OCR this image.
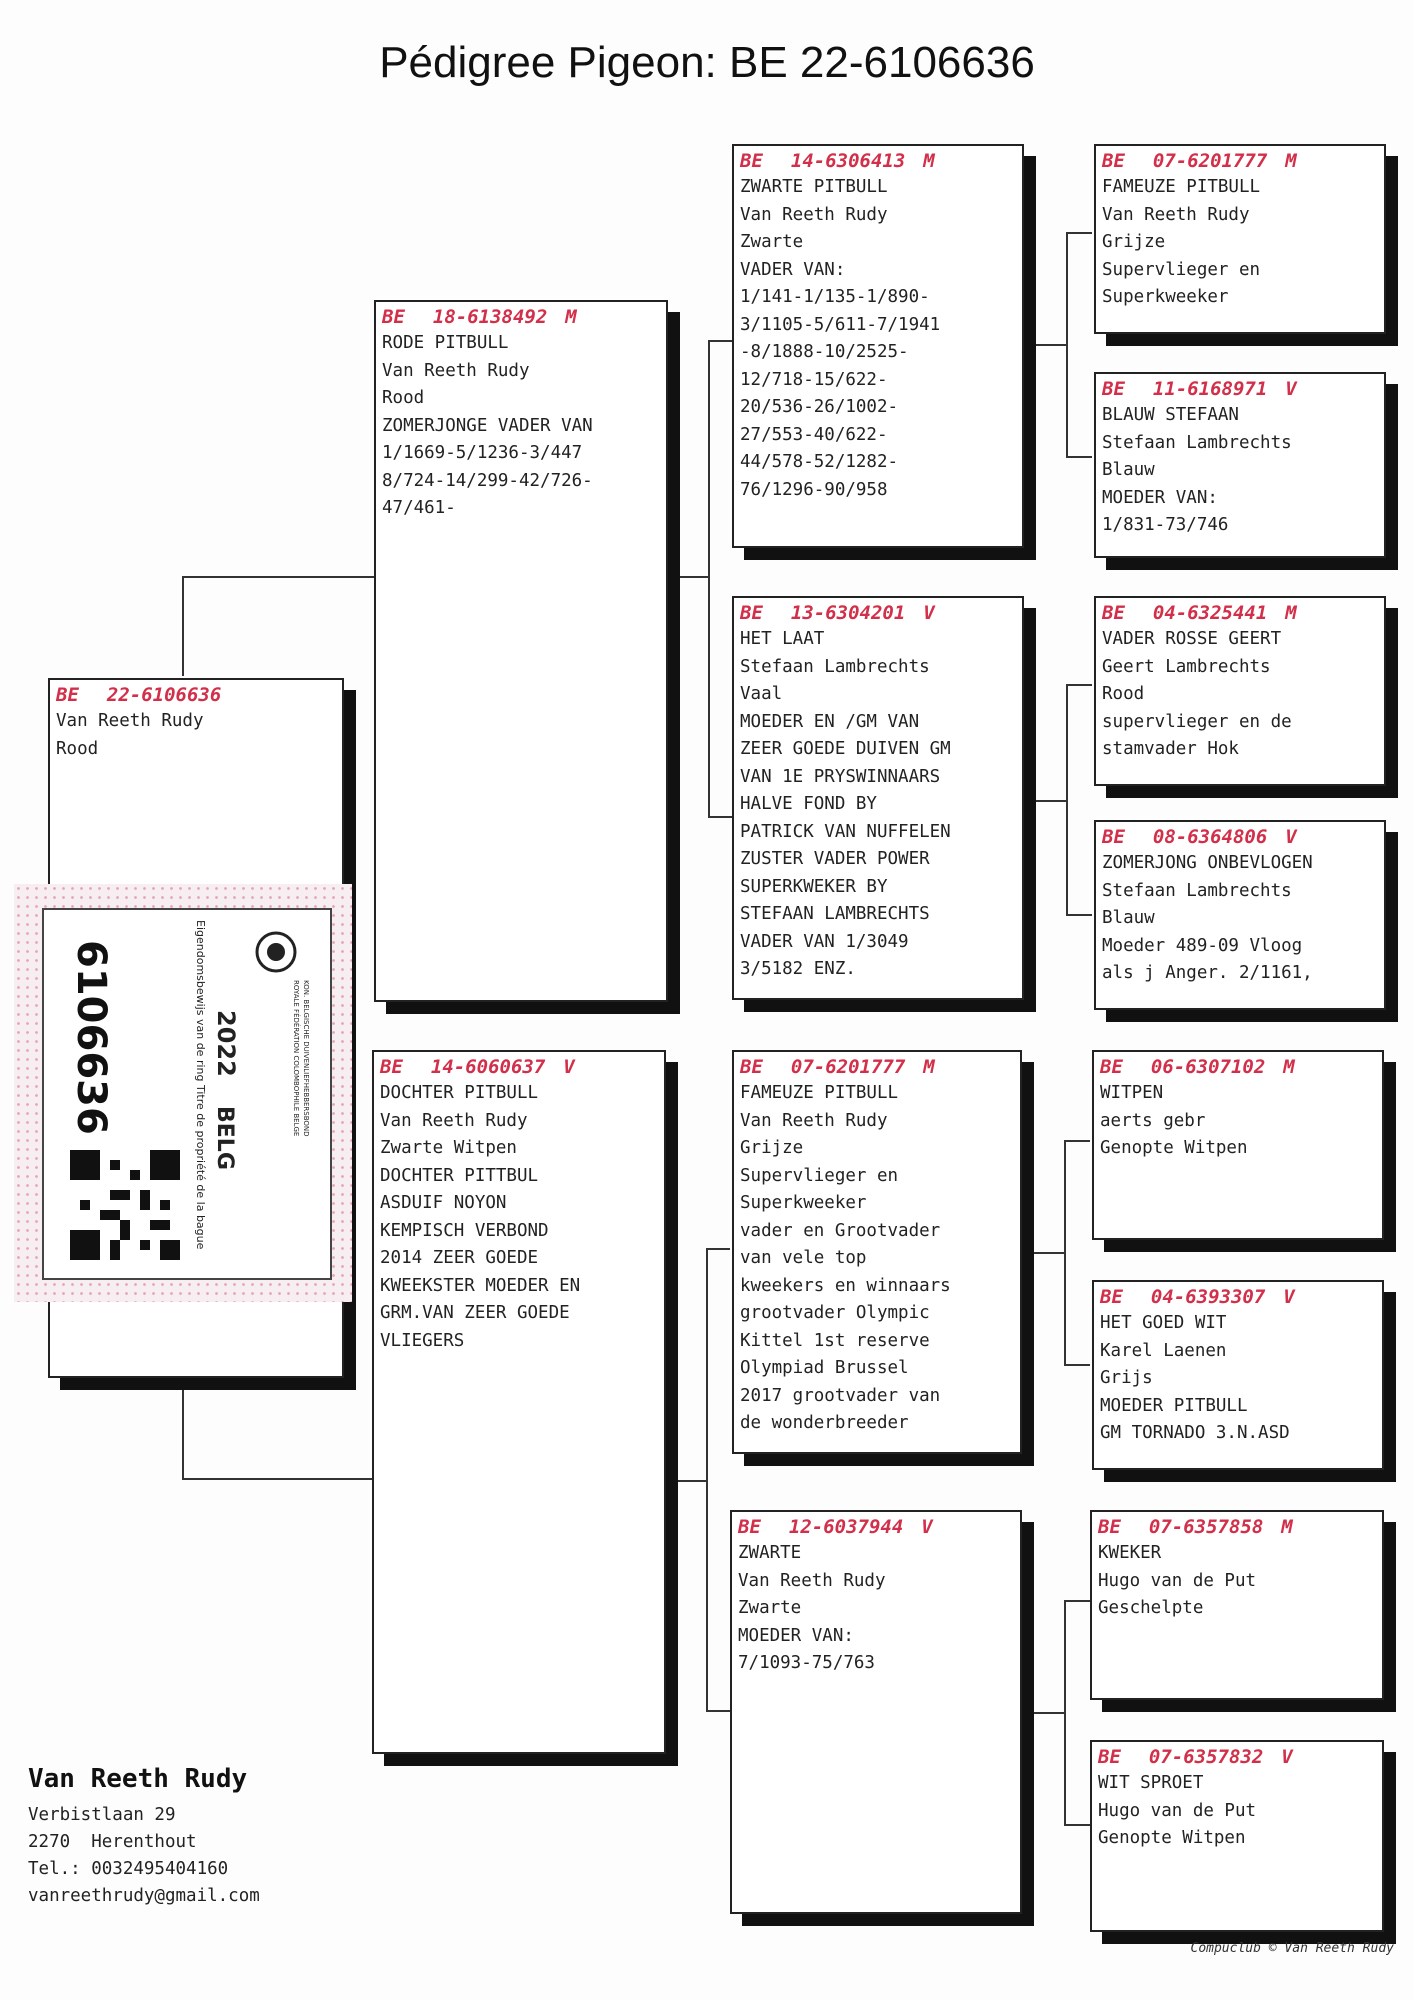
Pédigree Pigeon: BE 22-6106636
BE 22-6106636
Van Reeth Rudy
Rood
BE 18-6138492 M
RODE PITBULL
Van Reeth Rudy
Rood
ZOMERJONGE VADER VAN
1/1669-5/1236-3/447
8/724-14/299-42/726-
47/461-
BE 14-6060637 V
DOCHTER PITBULL
Van Reeth Rudy
Zwarte Witpen
DOCHTER PITTBUL
ASDUIF NOYON
KEMPISCH VERBOND
2014 ZEER GOEDE
KWEEKSTER MOEDER EN
GRM.VAN ZEER GOEDE
VLIEGERS
BE 14-6306413 M
ZWARTE PITBULL
Van Reeth Rudy
Zwarte
VADER VAN:
1/141-1/135-1/890-
3/1105-5/611-7/1941
-8/1888-10/2525-
12/718-15/622-
20/536-26/1002-
27/553-40/622-
44/578-52/1282-
76/1296-90/958
BE 13-6304201 V
HET LAAT
Stefaan Lambrechts
Vaal
MOEDER EN /GM VAN
ZEER GOEDE DUIVEN GM
VAN 1E PRYSWINNAARS
HALVE FOND BY
PATRICK VAN NUFFELEN
ZUSTER VADER POWER
SUPERKWEKER BY
STEFAAN LAMBRECHTS
VADER VAN 1/3049
3/5182 ENZ.
BE 07-6201777 M
FAMEUZE PITBULL
Van Reeth Rudy
Grijze
Supervlieger en
Superkweeker
vader en Grootvader
van vele top
kweekers en winnaars
grootvader Olympic
Kittel 1st reserve
Olympiad Brussel
2017 grootvader van
de wonderbreeder
BE 12-6037944 V
ZWARTE
Van Reeth Rudy
Zwarte
MOEDER VAN:
7/1093-75/763
BE 07-6201777 M
FAMEUZE PITBULL
Van Reeth Rudy
Grijze
Supervlieger en
Superkweeker
BE 11-6168971 V
BLAUW STEFAAN
Stefaan Lambrechts
Blauw
MOEDER VAN:
1/831-73/746
BE 04-6325441 M
VADER ROSSE GEERT
Geert Lambrechts
Rood
supervlieger en de
stamvader Hok
BE 08-6364806 V
ZOMERJONG ONBEVLOGEN
Stefaan Lambrechts
Blauw
Moeder 489-09 Vloog
als j Anger. 2/1161,
BE 06-6307102 M
WITPEN
aerts gebr
Genopte Witpen
BE 04-6393307 V
HET GOED WIT
Karel Laenen
Grijs
MOEDER PITBULL
GM TORNADO 3.N.ASD
BE 07-6357858 M
KWEKER
Hugo van de Put
Geschelpte
BE 07-6357832 V
WIT SPROET
Hugo van de Put
Genopte Witpen
6106636	2022
BELG
Eigendomsbewijs van de ring Titre de propriété de la bague	KON. BELGISCHE DUIVENLIEFHEBBERSBOND
ROYALE FÉDÉRATION COLOMBOPHILE BELGE
Van Reeth Rudy
Verbistlaan 29
2270  Herenthout
Tel.: 0032495404160
vanreethrudy@gmail.com
Compuclub © Van Reeth Rudy
